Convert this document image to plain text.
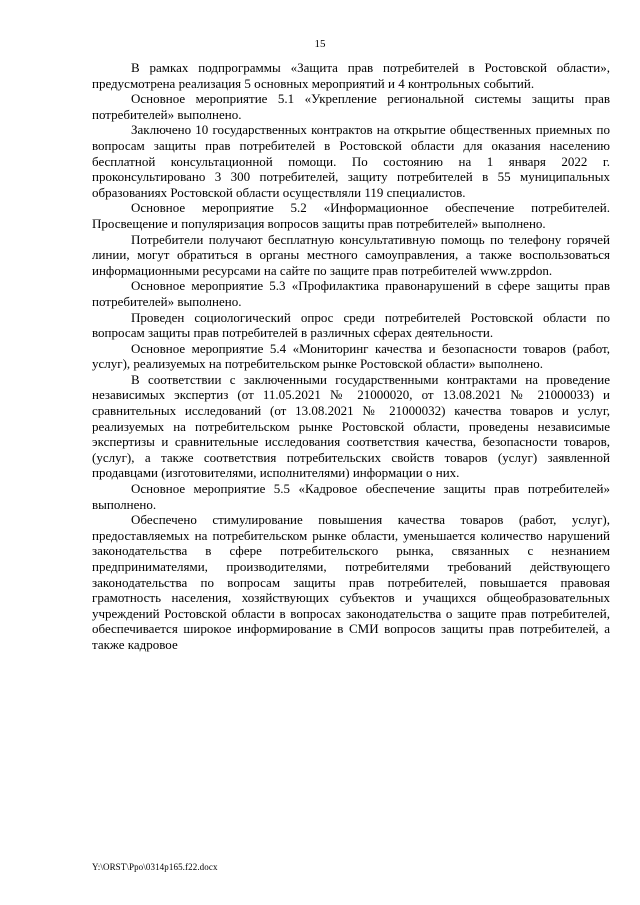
15

В рамках подпрограммы «Защита прав потребителей в Ростовской области», предусмотрена реализация 5 основных мероприятий и 4 контрольных событий.

Основное мероприятие 5.1 «Укрепление региональной системы защиты прав потребителей» выполнено.

Заключено 10 государственных контрактов на открытие общественных приемных по вопросам защиты прав потребителей в Ростовской области для оказания населению бесплатной консультационной помощи. По состоянию на 1 января 2022 г. проконсультировано 3 300 потребителей, защиту потребителей в 55 муниципальных образованиях Ростовской области осуществляли 119 специалистов.

Основное мероприятие 5.2 «Информационное обеспечение потребителей. Просвещение и популяризация вопросов защиты прав потребителей» выполнено.

Потребители получают бесплатную консультативную помощь по телефону горячей линии, могут обратиться в органы местного самоуправления, а также воспользоваться информационными ресурсами на сайте по защите прав потребителей www.zppdon.

Основное мероприятие 5.3 «Профилактика правонарушений в сфере защиты прав потребителей» выполнено.

Проведен социологический опрос среди потребителей Ростовской области по вопросам защиты прав потребителей в различных сферах деятельности.

Основное мероприятие 5.4 «Мониторинг качества и безопасности товаров (работ, услуг), реализуемых на потребительском рынке Ростовской области» выполнено.

В соответствии с заключенными государственными контрактами на проведение независимых экспертиз (от 11.05.2021 № 21000020, от 13.08.2021 № 21000033) и сравнительных исследований (от 13.08.2021 № 21000032) качества товаров и услуг, реализуемых на потребительском рынке Ростовской области, проведены независимые экспертизы и сравнительные исследования соответствия качества, безопасности товаров, (услуг), а также соответствия потребительских свойств товаров (услуг) заявленной продавцами (изготовителями, исполнителями) информации о них.

Основное мероприятие 5.5 «Кадровое обеспечение защиты прав потребителей» выполнено.

Обеспечено стимулирование повышения качества товаров (работ, услуг), предоставляемых на потребительском рынке области, уменьшается количество нарушений законодательства в сфере потребительского рынка, связанных с незнанием предпринимателями, производителями, потребителями требований действующего законодательства по вопросам защиты прав потребителей, повышается правовая грамотность населения, хозяйствующих субъектов и учащихся общеобразовательных учреждений Ростовской области в вопросах законодательства о защите прав потребителей, обеспечивается широкое информирование в СМИ вопросов защиты прав потребителей, а также кадровое

Y:\ORST\Ppo\0314p165.f22.docx
